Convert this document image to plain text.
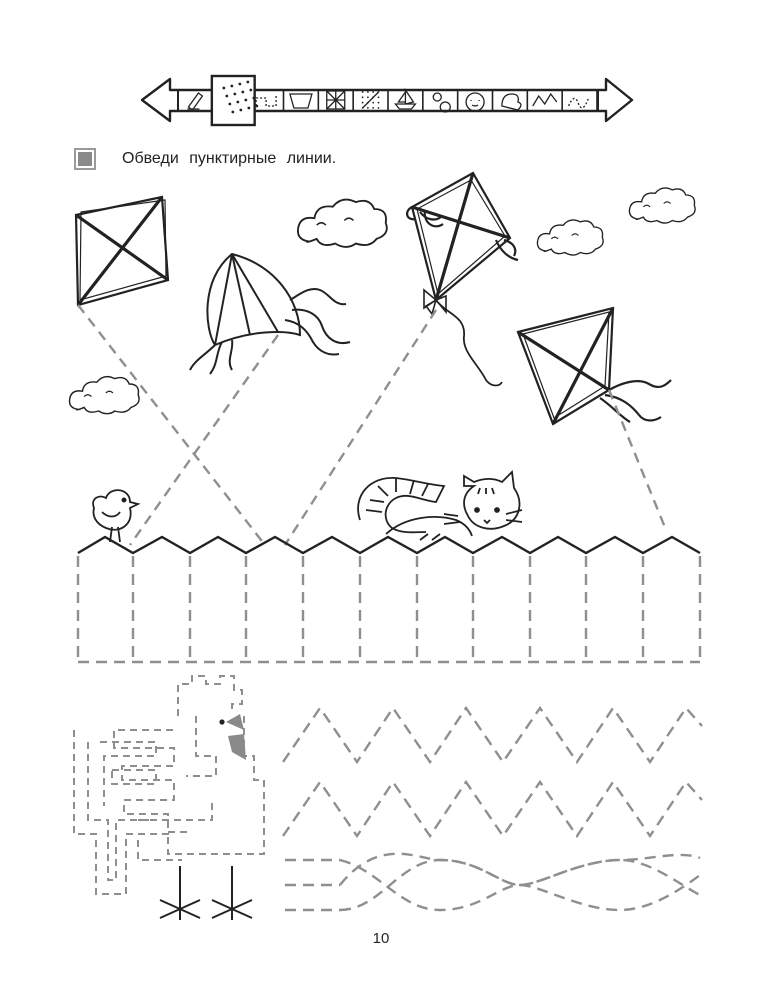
Обведи пунктирные линии.
10
